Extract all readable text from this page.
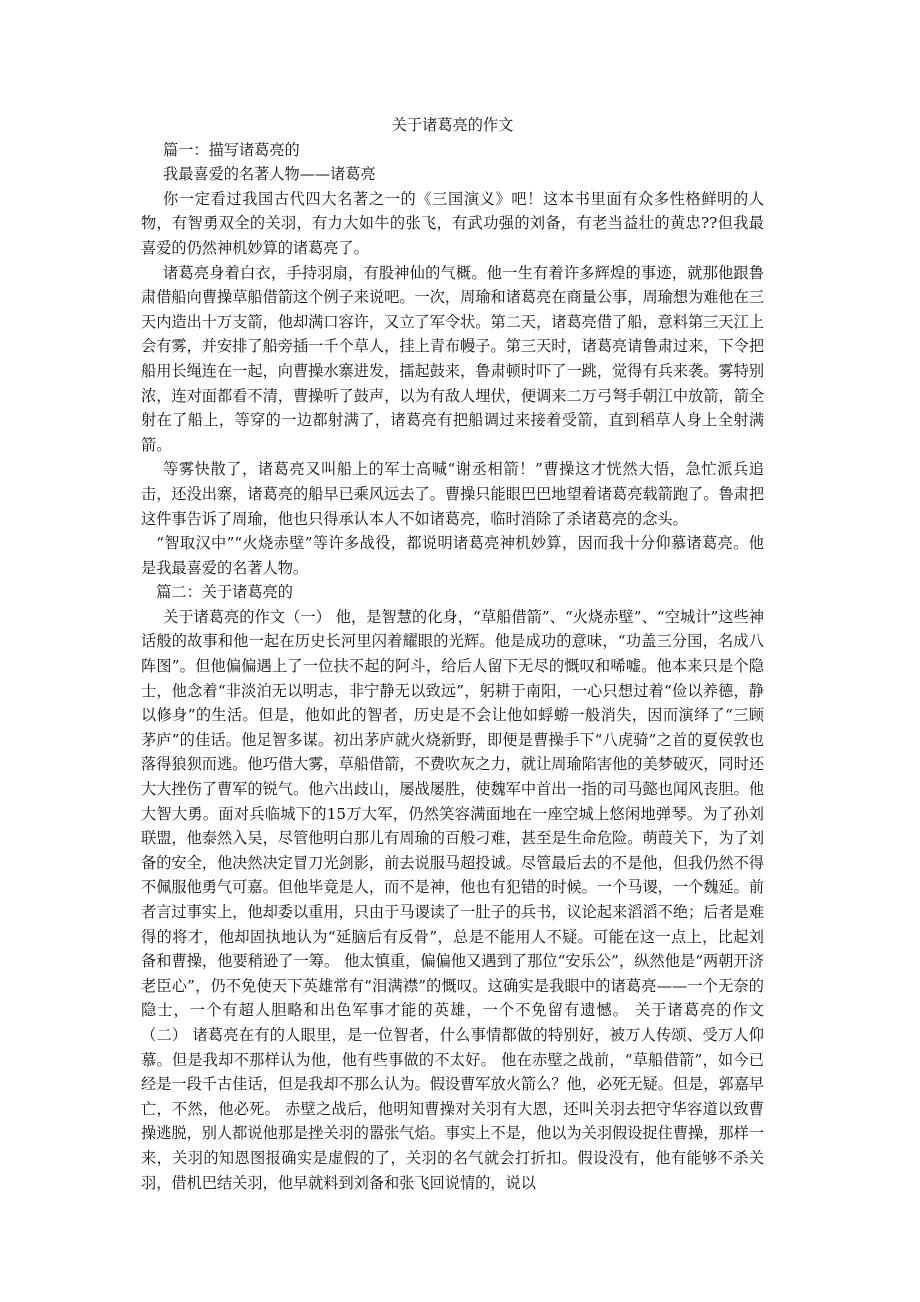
关于诸葛亮的作文

篇一：描写诸葛亮的

我最喜爱的名著人物——诸葛亮

你一定看过我国古代四大名著之一的《三国演义》吧！这本书里面有众多性格鲜明的人物，有智勇双全的关羽，有力大如牛的张飞，有武功强的刘备，有老当益壮的黄忠??但我最喜爱的仍然神机妙算的诸葛亮了。

诸葛亮身着白衣，手持羽扇，有股神仙的气概。他一生有着许多辉煌的事迹，就那他跟鲁肃借船向曹操草船借箭这个例子来说吧。一次，周瑜和诸葛亮在商量公事，周瑜想为难他在三天内造出十万支箭，他却满口容许，又立了军令状。第二天，诸葛亮借了船，意料第三天江上会有雾，并安排了船旁插一千个草人，挂上青布幔子。第三天时，诸葛亮请鲁肃过来，下令把船用长绳连在一起，向曹操水寨进发，擂起鼓来，鲁肃顿时吓了一跳，觉得有兵来袭。雾特别浓，连对面都看不清，曹操听了鼓声，以为有敌人埋伏，便调来二万弓弩手朝江中放箭，箭全射在了船上，等穿的一边都射满了，诸葛亮有把船调过来接着受箭，直到稻草人身上全射满箭。

等雾快散了，诸葛亮又叫船上的军士高喊“谢丞相箭！”曹操这才恍然大悟，急忙派兵追击，还没出寨，诸葛亮的船早已乘风远去了。曹操只能眼巴巴地望着诸葛亮载箭跑了。鲁肃把这件事告诉了周瑜，他也只得承认本人不如诸葛亮，临时消除了杀诸葛亮的念头。

“智取汉中”“火烧赤壁”等许多战役，都说明诸葛亮神机妙算，因而我十分仰慕诸葛亮。他是我最喜爱的名著人物。

篇二：关于诸葛亮的

关于诸葛亮的作文（一） 他，是智慧的化身，“草船借箭”、“火烧赤壁”、“空城计”这些神话般的故事和他一起在历史长河里闪着耀眼的光辉。他是成功的意味，“功盖三分国，名成八阵图”。但他偏偏遇上了一位扶不起的阿斗，给后人留下无尽的慨叹和唏嘘。他本来只是个隐士，他念着“非淡泊无以明志，非宁静无以致远”，躬耕于南阳，一心只想过着“俭以养德，静以修身”的生活。但是，他如此的智者，历史是不会让他如蜉蝣一般消失，因而演绎了“三顾茅庐”的佳话。他足智多谋。初出茅庐就火烧新野，即便是曹操手下“八虎骑”之首的夏侯敦也落得狼狈而逃。他巧借大雾，草船借箭，不费吹灰之力，就让周瑜陷害他的美梦破灭，同时还大大挫伤了曹军的锐气。他六出歧山，屡战屡胜，使魏军中首出一指的司马懿也闻风丧胆。他大智大勇。面对兵临城下的15万大军，仍然笑容满面地在一座空城上悠闲地弹琴。为了孙刘联盟，他泰然入吴，尽管他明白那儿有周瑜的百般刁难，甚至是生命危险。萌葭关下，为了刘备的安全，他决然决定冒刀光剑影，前去说服马超投诚。尽管最后去的不是他，但我仍然不得不佩服他勇气可嘉。但他毕竟是人，而不是神，他也有犯错的时候。一个马谡，一个魏延。前者言过事实上，他却委以重用，只由于马谡读了一肚子的兵书，议论起来滔滔不绝；后者是难得的将才，他却固执地认为“延脑后有反骨”，总是不能用人不疑。可能在这一点上，比起刘备和曹操，他要稍逊了一筹。 他太慎重，偏偏他又遇到了那位“安乐公”，纵然他是“两朝开济老臣心”，仍不免使天下英雄常有“泪满襟”的慨叹。这确实是我眼中的诸葛亮——一个无奈的隐士，一个有超人胆略和出色军事才能的英雄，一个不免留有遗憾。 关于诸葛亮的作文（二） 诸葛亮在有的人眼里，是一位智者，什么事情都做的特别好，被万人传颂、受万人仰慕。但是我却不那样认为他，他有些事做的不太好。 他在赤壁之战前，“草船借箭”，如今已经是一段千古佳话，但是我却不那么认为。假设曹军放火箭么？他，必死无疑。但是，郭嘉早亡，不然，他必死。 赤壁之战后，他明知曹操对关羽有大恩，还叫关羽去把守华容道以致曹操逃脱，别人都说他那是挫关羽的嚣张气焰。事实上不是，他以为关羽假设捉住曹操，那样一来，关羽的知恩图报确实是虚假的了，关羽的名气就会打折扣。假设没有，他有能够不杀关羽，借机巴结关羽，他早就料到刘备和张飞回说情的，说以
